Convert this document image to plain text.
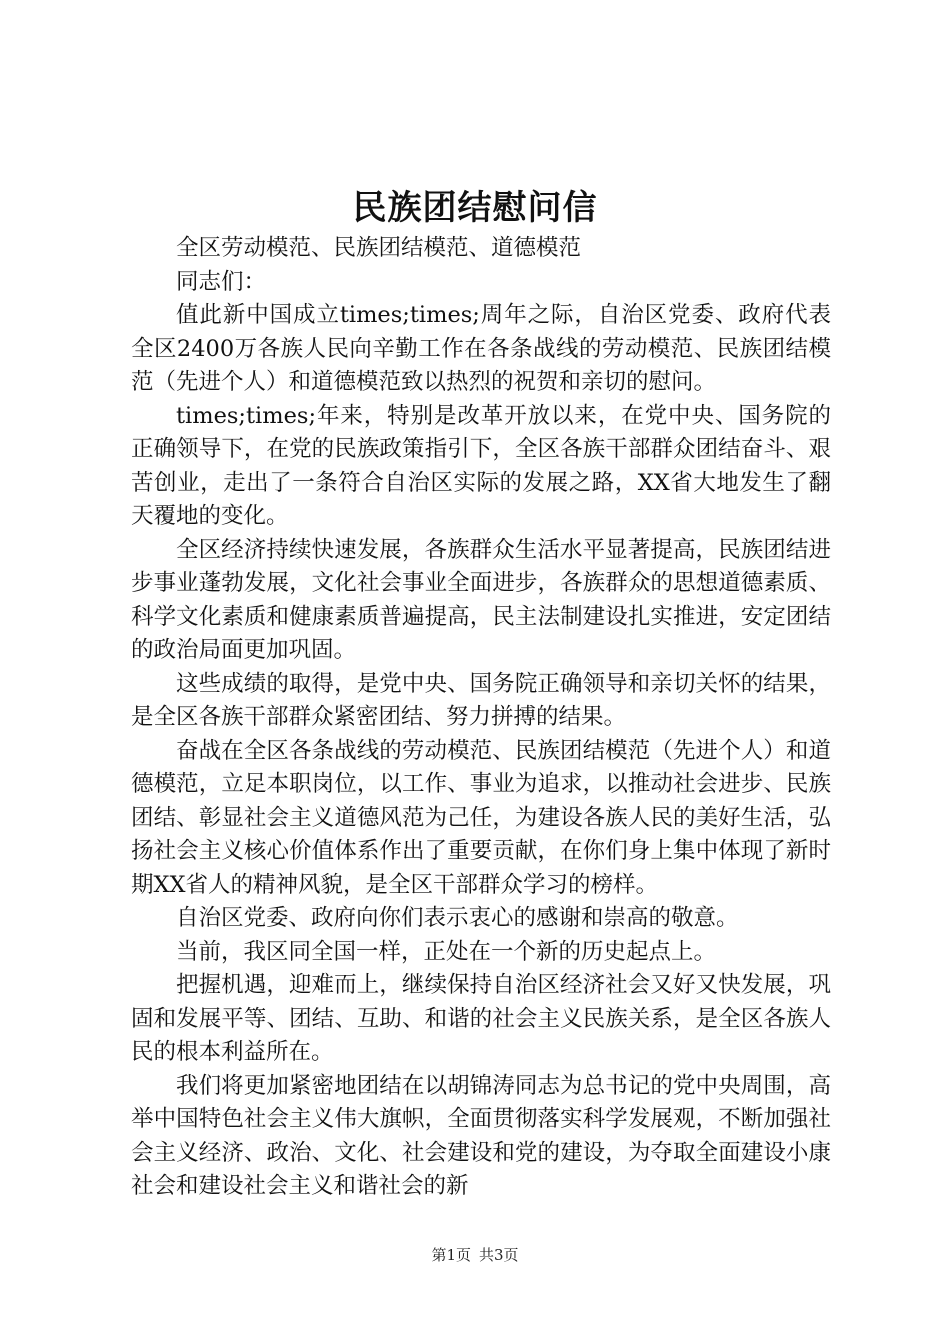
民族团结慰问信

全区劳动模范、民族团结模范、道德模范

同志们：

值此新中国成立times;times;周年之际，自治区党委、政府代表全区2400万各族人民向辛勤工作在各条战线的劳动模范、民族团结模范（先进个人）和道德模范致以热烈的祝贺和亲切的慰问。

times;times;年来，特别是改革开放以来，在党中央、国务院的正确领导下，在党的民族政策指引下，全区各族干部群众团结奋斗、艰苦创业，走出了一条符合自治区实际的发展之路，XX省大地发生了翻天覆地的变化。

全区经济持续快速发展，各族群众生活水平显著提高，民族团结进步事业蓬勃发展，文化社会事业全面进步，各族群众的思想道德素质、科学文化素质和健康素质普遍提高，民主法制建设扎实推进，安定团结的政治局面更加巩固。

这些成绩的取得，是党中央、国务院正确领导和亲切关怀的结果，是全区各族干部群众紧密团结、努力拼搏的结果。

奋战在全区各条战线的劳动模范、民族团结模范（先进个人）和道德模范，立足本职岗位，以工作、事业为追求，以推动社会进步、民族团结、彰显社会主义道德风范为己任，为建设各族人民的美好生活，弘扬社会主义核心价值体系作出了重要贡献，在你们身上集中体现了新时期XX省人的精神风貌，是全区干部群众学习的榜样。

自治区党委、政府向你们表示衷心的感谢和崇高的敬意。

当前，我区同全国一样，正处在一个新的历史起点上。

把握机遇，迎难而上，继续保持自治区经济社会又好又快发展，巩固和发展平等、团结、互助、和谐的社会主义民族关系，是全区各族人民的根本利益所在。

我们将更加紧密地团结在以胡锦涛同志为总书记的党中央周围，高举中国特色社会主义伟大旗帜，全面贯彻落实科学发展观，不断加强社会主义经济、政治、文化、社会建设和党的建设，为夺取全面建设小康社会和建设社会主义和谐社会的新

第1页 共3页
